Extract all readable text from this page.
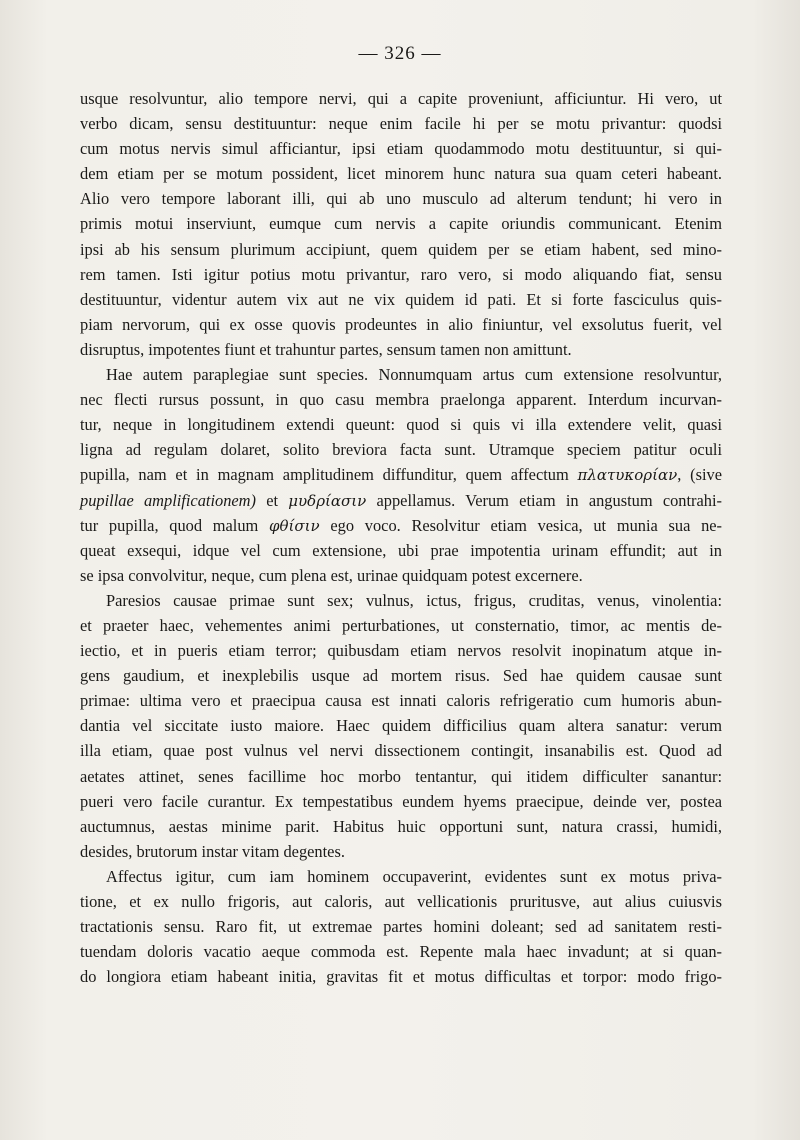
— 326 —
usque resolvuntur, alio tempore nervi, qui a capite proveniunt, afficiuntur. Hi vero, ut
verbo dicam, sensu destituuntur: neque enim facile hi per se motu privantur: quodsi
cum motus nervis simul afficiantur, ipsi etiam quodammodo motu destituuntur, si qui-
dem etiam per se motum possident, licet minorem hunc natura sua quam ceteri habeant.
Alio vero tempore laborant illi, qui ab uno musculo ad alterum tendunt; hi vero in
primis motui inserviunt, eumque cum nervis a capite oriundis communicant. Etenim
ipsi ab his sensum plurimum accipiunt, quem quidem per se etiam habent, sed mino-
rem tamen. Isti igitur potius motu privantur, raro vero, si modo aliquando fiat, sensu
destituuntur, videntur autem vix aut ne vix quidem id pati. Et si forte fasciculus quis-
piam nervorum, qui ex osse quovis prodeuntes in alio finiuntur, vel exsolutus fuerit, vel
disruptus, impotentes fiunt et trahuntur partes, sensum tamen non amittunt.
Hae autem paraplegiae sunt species. Nonnumquam artus cum extensione resolvuntur,
nec flecti rursus possunt, in quo casu membra praelonga apparent. Interdum incurvan-
tur, neque in longitudinem extendi queunt: quod si quis vi illa extendere velit, quasi
ligna ad regulam dolaret, solito breviora facta sunt. Utramque speciem patitur oculi
pupilla, nam et in magnam amplitudinem diffunditur, quem affectum πλατυκορίαν, (sive
pupillae amplificationem) et μυδρίασιν appellamus. Verum etiam in angustum contrahi-
tur pupilla, quod malum φθίσιν ego voco. Resolvitur etiam vesica, ut munia sua ne-
queat exsequi, idque vel cum extensione, ubi prae impotentia urinam effundit; aut in
se ipsa convolvitur, neque, cum plena est, urinae quidquam potest excernere.
Paresios causae primae sunt sex; vulnus, ictus, frigus, cruditas, venus, vinolentia:
et praeter haec, vehementes animi perturbationes, ut consternatio, timor, ac mentis de-
iectio, et in pueris etiam terror; quibusdam etiam nervos resolvit inopinatum atque in-
gens gaudium, et inexplebilis usque ad mortem risus. Sed hae quidem causae sunt
primae: ultima vero et praecipua causa est innati caloris refrigeratio cum humoris abun-
dantia vel siccitate iusto maiore. Haec quidem difficilius quam altera sanatur: verum
illa etiam, quae post vulnus vel nervi dissectionem contingit, insanabilis est. Quod ad
aetates attinet, senes facillime hoc morbo tentantur, qui itidem difficulter sanantur:
pueri vero facile curantur. Ex tempestatibus eundem hyems praecipue, deinde ver, postea
auctumnus, aestas minime parit. Habitus huic opportuni sunt, natura crassi, humidi,
desides, brutorum instar vitam degentes.
Affectus igitur, cum iam hominem occupaverint, evidentes sunt ex motus priva-
tione, et ex nullo frigoris, aut caloris, aut vellicationis pruritusve, aut alius cuiusvis
tractationis sensu. Raro fit, ut extremae partes homini doleant; sed ad sanitatem resti-
tuendam doloris vacatio aeque commoda est. Repente mala haec invadunt; at si quan-
do longiora etiam habeant initia, gravitas fit et motus difficultas et torpor: modo frigo-
